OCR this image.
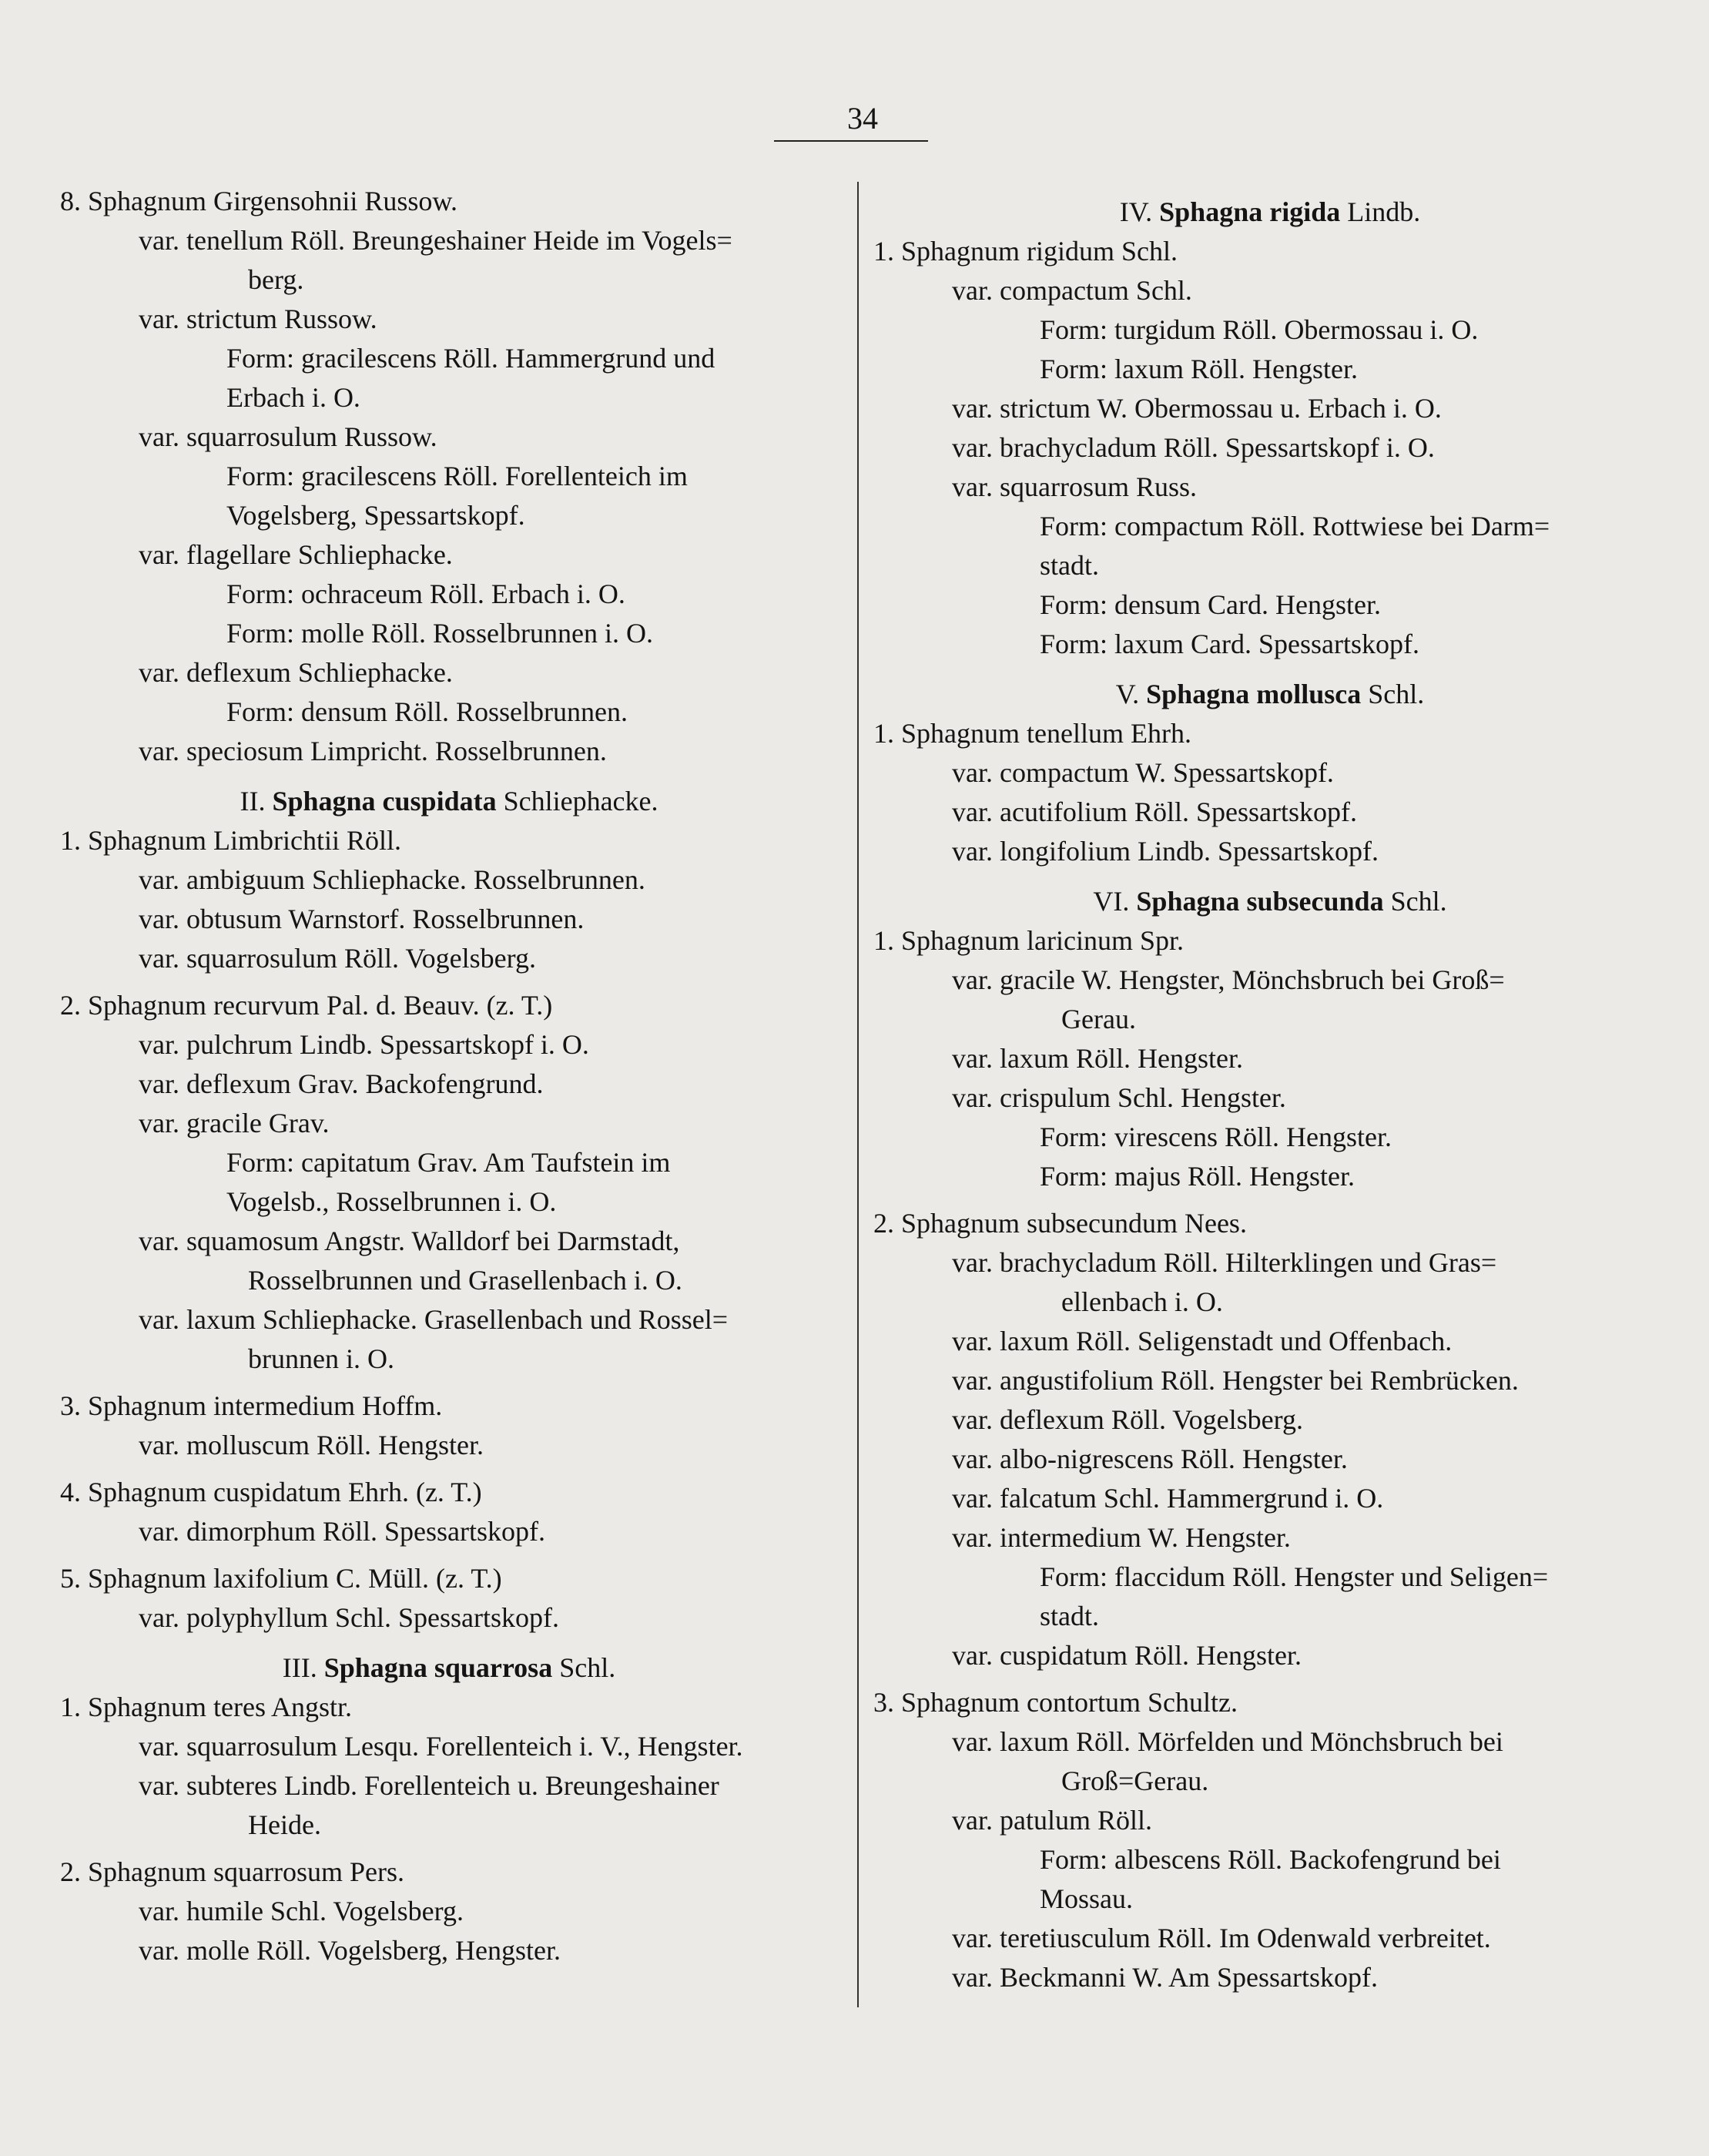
34
8. Sphagnum Girgensohnii Russow.
var. tenellum Röll. Breungeshainer Heide im Vogels=
berg.
var. strictum Russow.
Form: gracilescens Röll. Hammergrund und
Erbach i. O.
var. squarrosulum Russow.
Form: gracilescens Röll. Forellenteich im
Vogelsberg, Spessartskopf.
var. flagellare Schliephacke.
Form: ochraceum Röll. Erbach i. O.
Form: molle Röll. Rosselbrunnen i. O.
var. deflexum Schliephacke.
Form: densum Röll. Rosselbrunnen.
var. speciosum Limpricht. Rosselbrunnen.
II. Sphagna cuspidata Schliephacke.
1. Sphagnum Limbrichtii Röll.
var. ambiguum Schliephacke. Rosselbrunnen.
var. obtusum Warnstorf. Rosselbrunnen.
var. squarrosulum Röll. Vogelsberg.
2. Sphagnum recurvum Pal. d. Beauv. (z. T.)
var. pulchrum Lindb. Spessartskopf i. O.
var. deflexum Grav. Backofengrund.
var. gracile Grav.
Form: capitatum Grav. Am Taufstein im
Vogelsb., Rosselbrunnen i. O.
var. squamosum Angstr. Walldorf bei Darmstadt,
Rosselbrunnen und Grasellenbach i. O.
var. laxum Schliephacke. Grasellenbach und Rossel=
brunnen i. O.
3. Sphagnum intermedium Hoffm.
var. molluscum Röll. Hengster.
4. Sphagnum cuspidatum Ehrh. (z. T.)
var. dimorphum Röll. Spessartskopf.
5. Sphagnum laxifolium C. Müll. (z. T.)
var. polyphyllum Schl. Spessartskopf.
III. Sphagna squarrosa Schl.
1. Sphagnum teres Angstr.
var. squarrosulum Lesqu. Forellenteich i. V., Hengster.
var. subteres Lindb. Forellenteich u. Breungeshainer
Heide.
2. Sphagnum squarrosum Pers.
var. humile Schl. Vogelsberg.
var. molle Röll. Vogelsberg, Hengster.
IV. Sphagna rigida Lindb.
1. Sphagnum rigidum Schl.
var. compactum Schl.
Form: turgidum Röll. Obermossau i. O.
Form: laxum Röll. Hengster.
var. strictum W. Obermossau u. Erbach i. O.
var. brachycladum Röll. Spessartskopf i. O.
var. squarrosum Russ.
Form: compactum Röll. Rottwiese bei Darm=
stadt.
Form: densum Card. Hengster.
Form: laxum Card. Spessartskopf.
V. Sphagna mollusca Schl.
1. Sphagnum tenellum Ehrh.
var. compactum W. Spessartskopf.
var. acutifolium Röll. Spessartskopf.
var. longifolium Lindb. Spessartskopf.
VI. Sphagna subsecunda Schl.
1. Sphagnum laricinum Spr.
var. gracile W. Hengster, Mönchsbruch bei Groß=
Gerau.
var. laxum Röll. Hengster.
var. crispulum Schl. Hengster.
Form: virescens Röll. Hengster.
Form: majus Röll. Hengster.
2. Sphagnum subsecundum Nees.
var. brachycladum Röll. Hilterklingen und Gras=
ellenbach i. O.
var. laxum Röll. Seligenstadt und Offenbach.
var. angustifolium Röll. Hengster bei Rembrücken.
var. deflexum Röll. Vogelsberg.
var. albo-nigrescens Röll. Hengster.
var. falcatum Schl. Hammergrund i. O.
var. intermedium W. Hengster.
Form: flaccidum Röll. Hengster und Seligen=
stadt.
var. cuspidatum Röll. Hengster.
3. Sphagnum contortum Schultz.
var. laxum Röll. Mörfelden und Mönchsbruch bei
Groß=Gerau.
var. patulum Röll.
Form: albescens Röll. Backofengrund bei
Mossau.
var. teretiusculum Röll. Im Odenwald verbreitet.
var. Beckmanni W. Am Spessartskopf.
